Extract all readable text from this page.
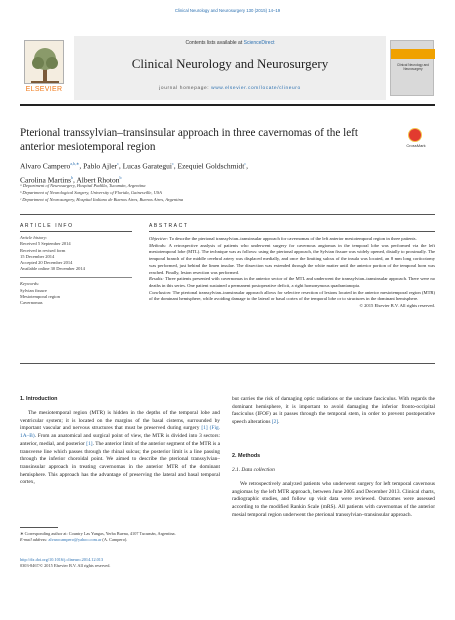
Clinical Neurology and Neurosurgery 130 (2015) 14–19
ELSEVIER
Contents lists available at ScienceDirect
Clinical Neurology and Neurosurgery
journal homepage: www.elsevier.com/locate/clineuro
Clinical Neurology and Neurosurgery
Pterional transsylvian–transinsular approach in three cavernomas of the left anterior mesiotemporal region	CrossMark
Alvaro Campero$^{a,b,∗}$, Pablo Ajler$^c$, Lucas Garategui$^c$, Ezequiel Goldschmidt$^c$,
Carolina Martins$^b$, Albert Rhoton$^b$
ᵃ Department of Neurosurgery, Hospital Padilla, Tucumán, Argentina
ᵇ Department of Neurological Surgery, University of Florida, Gainesville, USA
ᶜ Department of Neurosurgery, Hospital Italiano de Buenos Aires, Buenos Aires, Argentina
ARTICLE INFO	ABSTRACT
Article history:
Received 5 September 2014
Received in revised form
15 December 2014
Accepted 20 December 2014
Available online 30 December 2014
Keywords:
Sylvian fissure
Mesiotemporal region
Cavernomas

Objective: To describe the pterional transsylvian–transinsular approach for cavernomas of the left anterior mesiotemporal region in three patients.

Methods: A retrospective analysis of patients who underwent surgery for cavernous angiomas in the temporal lobe was performed via the left mesiotemporal lobe (MTL). The technique was as follows: using the pterional approach, the Sylvian fissure was widely opened, distally to proximally. The temporal branch of the middle cerebral artery was displaced medially, and once the limiting sulcus of the insula was located, an 8 mm long corticotomy was performed, just behind the limen insulae. The dissection was extended through the white matter until the anterior portion of the temporal horn was reached. Finally, lesion resection was performed.

Results: Three patients presented with cavernomas in the anterior sector of the MTL and underwent the transsylvian–transinsular approach. There were no deaths in this series. One patient sustained a permanent postoperative deficit, a right homonymous quadrantanopia.

Conclusion: The pterional transsylvian–transinsular approach allows for selective resection of lesions located in the anterior mesiotemporal region (MTR) of the dominant hemisphere, while avoiding damage to the lateral or basal cortex of the temporal lobe or to structures in the dominant hemisphere.

© 2015 Elsevier B.V. All rights reserved.

1. Introduction

The mesiotemporal region (MTR) is hidden in the depths of the temporal lobe and ventricular system; it is located on the margins of the basal cisterns, surrounded by important vascular and nervous structures that must be preserved during surgery [1] (Fig. 1A–B). From an anatomical and surgical point of view, the MTR is divided into 3 sectors: anterior, medial, and posterior [1]. The anterior limit of the anterior segment of the MTR is a transverse line which passes through the rhinal sulcus; the posterior limit is a line passing through the inferior choroidal point. We aimed to describe the pterional transsylvian–transinsular approach in treating cavernomas in the anterior MTR of the dominant hemisphere. This approach has the advantage of preserving the lateral and basal temporal cortex,

∗ Corresponding author at: Country Las Yungas, Yerba Buena, 4107 Tucumán, Argentina.
E-mail address: alvarocampero@yahoo.com.ar (A. Campero).
http://dx.doi.org/10.1016/j.clineuro.2014.12.013
0303-8467/© 2015 Elsevier B.V. All rights reserved.

but carries the risk of damaging optic radiations or the uncinate fasciculus. With regards the dominant hemisphere, it is important to avoid damaging the inferior fronto-occipital fasciculus (IFOF) as it passes through the temporal stem, in order to prevent postoperative speech alterations [2].

2. Methods
2.1. Data collection

We retrospectively analyzed patients who underwent surgery for left temporal cavernous angiomas by the left MTR approach, between June 2005 and December 2013. Clinical charts, radiographic studies, and follow up visit data were reviewed. Outcomes were assessed according to the modified Rankin Scale (mRS). All patients with cavernomas of the anterior mesial temporal region underwent the pterional transsylvian–transinsular approach.
